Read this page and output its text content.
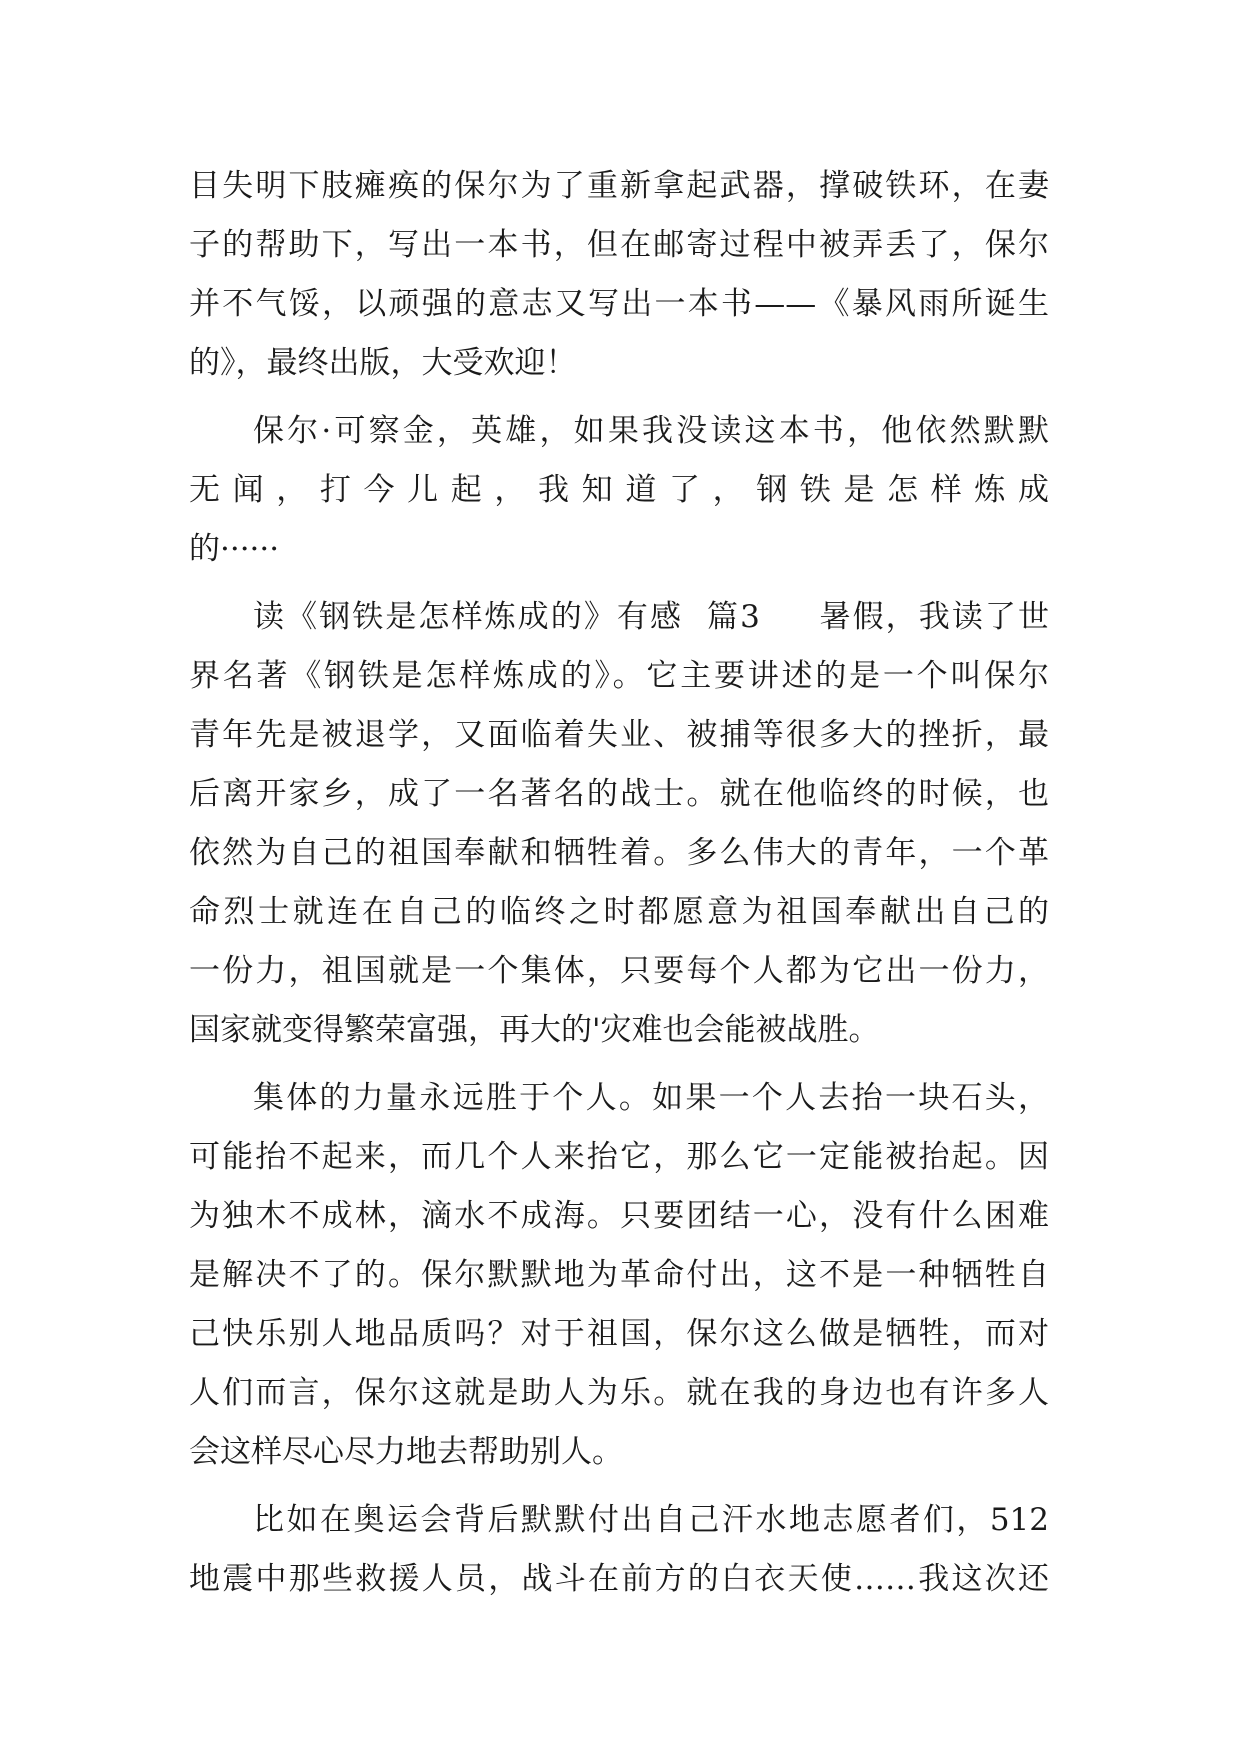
目失明下肢瘫痪的保尔为了重新拿起武器，撑破铁环，在妻
子的帮助下，写出一本书，但在邮寄过程中被弄丢了，保尔
并不气馁，以顽强的意志又写出一本书——《暴风雨所诞生
的》，最终出版，大受欢迎！
保尔·可察金，英雄，如果我没读这本书，他依然默默
无闻，打今儿起，我知道了，钢铁是怎样炼成
的······
读《钢铁是怎样炼成的》有感  篇3     暑假，我读了世
界名著《钢铁是怎样炼成的》。它主要讲述的是一个叫保尔
青年先是被退学，又面临着失业、被捕等很多大的挫折，最
后离开家乡，成了一名著名的战士。就在他临终的时候，也
依然为自己的祖国奉献和牺牲着。多么伟大的青年，一个革
命烈士就连在自己的临终之时都愿意为祖国奉献出自己的
一份力，祖国就是一个集体，只要每个人都为它出一份力，
国家就变得繁荣富强，再大的'灾难也会能被战胜。
集体的力量永远胜于个人。如果一个人去抬一块石头，
可能抬不起来，而几个人来抬它，那么它一定能被抬起。因
为独木不成林，滴水不成海。只要团结一心，没有什么困难
是解决不了的。保尔默默地为革命付出，这不是一种牺牲自
己快乐别人地品质吗？对于祖国，保尔这么做是牺牲，而对
人们而言，保尔这就是助人为乐。就在我的身边也有许多人
会这样尽心尽力地去帮助别人。
比如在奥运会背后默默付出自己汗水地志愿者们，512
地震中那些救援人员，战斗在前方的白衣天使……我这次还
